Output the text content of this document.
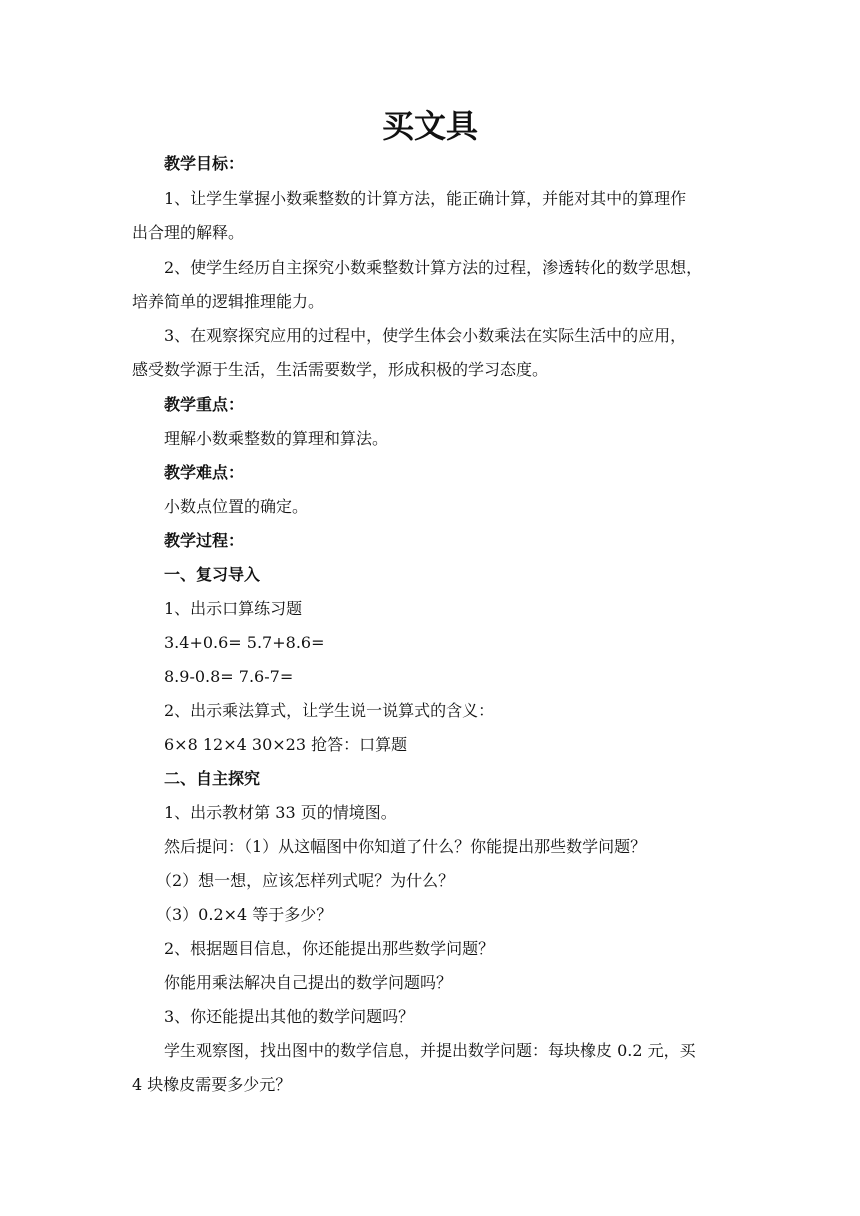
买文具
教学目标：
1、让学生掌握小数乘整数的计算方法，能正确计算，并能对其中的算理作
出合理的解释。
2、使学生经历自主探究小数乘整数计算方法的过程，渗透转化的数学思想，
培养简单的逻辑推理能力。
3、在观察探究应用的过程中，使学生体会小数乘法在实际生活中的应用，
感受数学源于生活，生活需要数学，形成积极的学习态度。
教学重点：
理解小数乘整数的算理和算法。
教学难点：
小数点位置的确定。
教学过程：
一、复习导入
1、出示口算练习题
3.4+0.6= 5.7+8.6=
8.9-0.8= 7.6-7=
2、出示乘法算式，让学生说一说算式的含义：
6×8 12×4 30×23 抢答：口算题
二、自主探究
1、出示教材第 33 页的情境图。
然后提问：（1）从这幅图中你知道了什么？你能提出那些数学问题？
（2）想一想，应该怎样列式呢？为什么？
（3）0.2×4 等于多少？
2、根据题目信息，你还能提出那些数学问题？
你能用乘法解决自己提出的数学问题吗？
3、你还能提出其他的数学问题吗？
学生观察图，找出图中的数学信息，并提出数学问题：每块橡皮 0.2 元，买
4 块橡皮需要多少元？
